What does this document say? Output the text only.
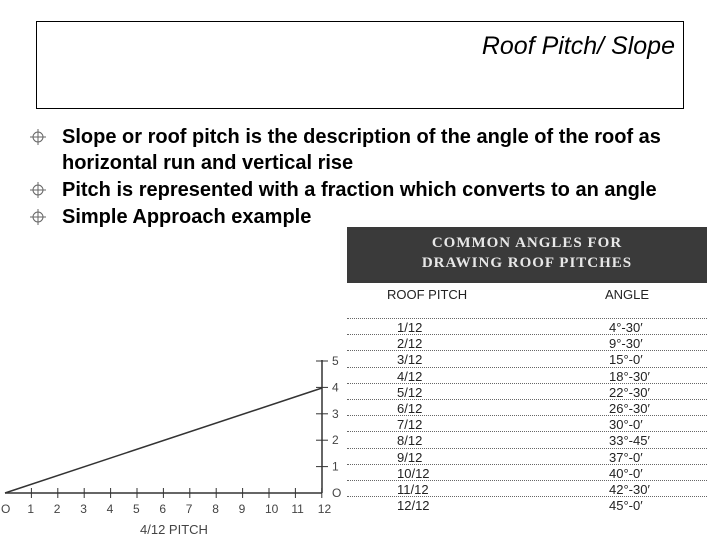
Roof Pitch/ Slope
Slope or roof pitch is the description of the angle of the roof as horizontal run and vertical rise
Pitch is represented with a fraction which converts to an angle
Simple Approach example
O 1 2 3 4 5 6 7 8 9 10 11 12
O
1
2
3
4
5
4/12 PITCH
COMMON ANGLES FOR
DRAWING ROOF PITCHES
ROOF PITCH	ANGLE
1/12	4°-30′
2/12	9°-30′
3/12	15°-0′
4/12	18°-30′
5/12	22°-30′
6/12	26°-30′
7/12	30°-0′
8/12	33°-45′
9/12	37°-0′
10/12	40°-0′
11/12	42°-30′
12/12	45°-0′
